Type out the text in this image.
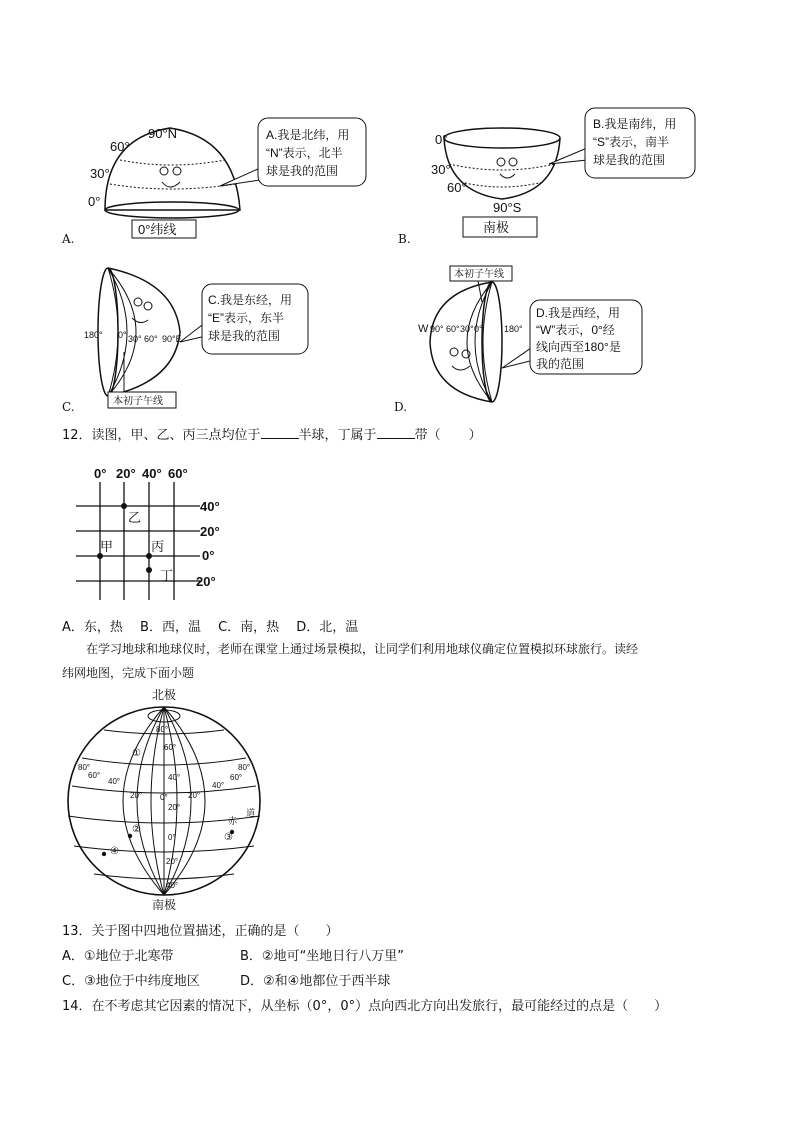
90°N
60°
30°
0°
0°纬线
A.我是北纬，用
“N”表示，北半
球是我的范围
A.
0°
30°
60°
90°S
南极
B.我是南纬，用
“S”表示，南半
球是我的范围
B.
180° 0° 30° 60° 90°E
本初子午线
C.我是东经，用
“E”表示，东半
球是我的范围
C.
本初子午线
W 90° 60° 30° 0° 180°
D.我是西经，用
“W”表示，0°经
线向西至180°是
我的范围
D.
12．读图，甲、乙、丙三点均位于	半球，丁属于	带（ ）
0° 20° 40° 60°
40°
20°
0°
20°
甲
乙
丙
丁
A．东，热　 B．西，温　 C．南，热　 D．北，温
在学习地球和地球仪时，老师在课堂上通过场景模拟，让同学们利用地球仪确定位置模拟环球旅行。读经
纬网地图，完成下面小题
北极
南极
80°
60°
80°
60°
40°
80°
60°
40°
20° 0°
40°
20°
20°
0°
20°
40°
赤
道
①
②
③
④
13．关于图中四地位置描述，正确的是（　　）
A．①地位于北寒带	B．②地可“坐地日行八万里”
C．③地位于中纬度地区	D．②和④地都位于西半球
14．在不考虑其它因素的情况下，从坐标（0°，0°）点向西北方向出发旅行，最可能经过的点是（　　）
